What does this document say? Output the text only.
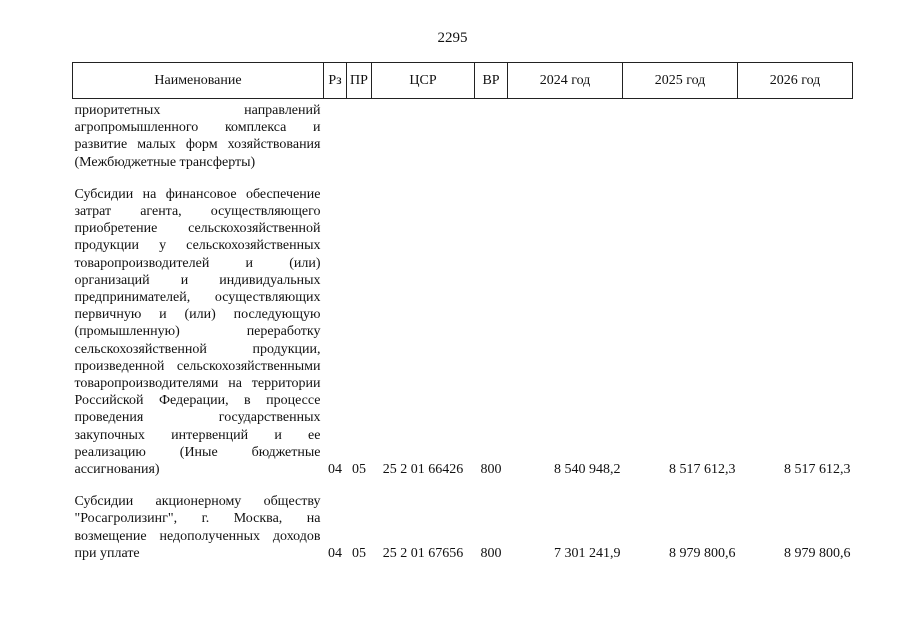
2295
Наименование	Рз	ПР	ЦСР	ВР	2024 год	2025 год	2026 год
приоритетных направлений агропромышленного комплекса и развитие малых форм хозяйствования (Межбюджетные трансферты)							

Субсидии на финансовое обеспечение затрат агента, осуществляющего приобретение сельскохозяйственной продукции у сельскохозяйственных товаропроизводителей и (или) организаций и индивидуальных предпринимателей, осуществляющих первичную и (или) последующую (промышленную) переработку сельскохозяйственной продукции, произведенной сельскохозяйственными товаропроизводителями на территории Российской Федерации, в процессе проведения государственных закупочных интервенций и ее реализацию (Иные бюджетные ассигнования)	04	05	25 2 01 66426	800	8 540 948,2	8 517 612,3	8 517 612,3

Субсидии акционерному обществу "Росагролизинг", г. Москва, на возмещение недополученных доходов при уплате	04	05	25 2 01 67656	800	7 301 241,9	8 979 800,6	8 979 800,6
